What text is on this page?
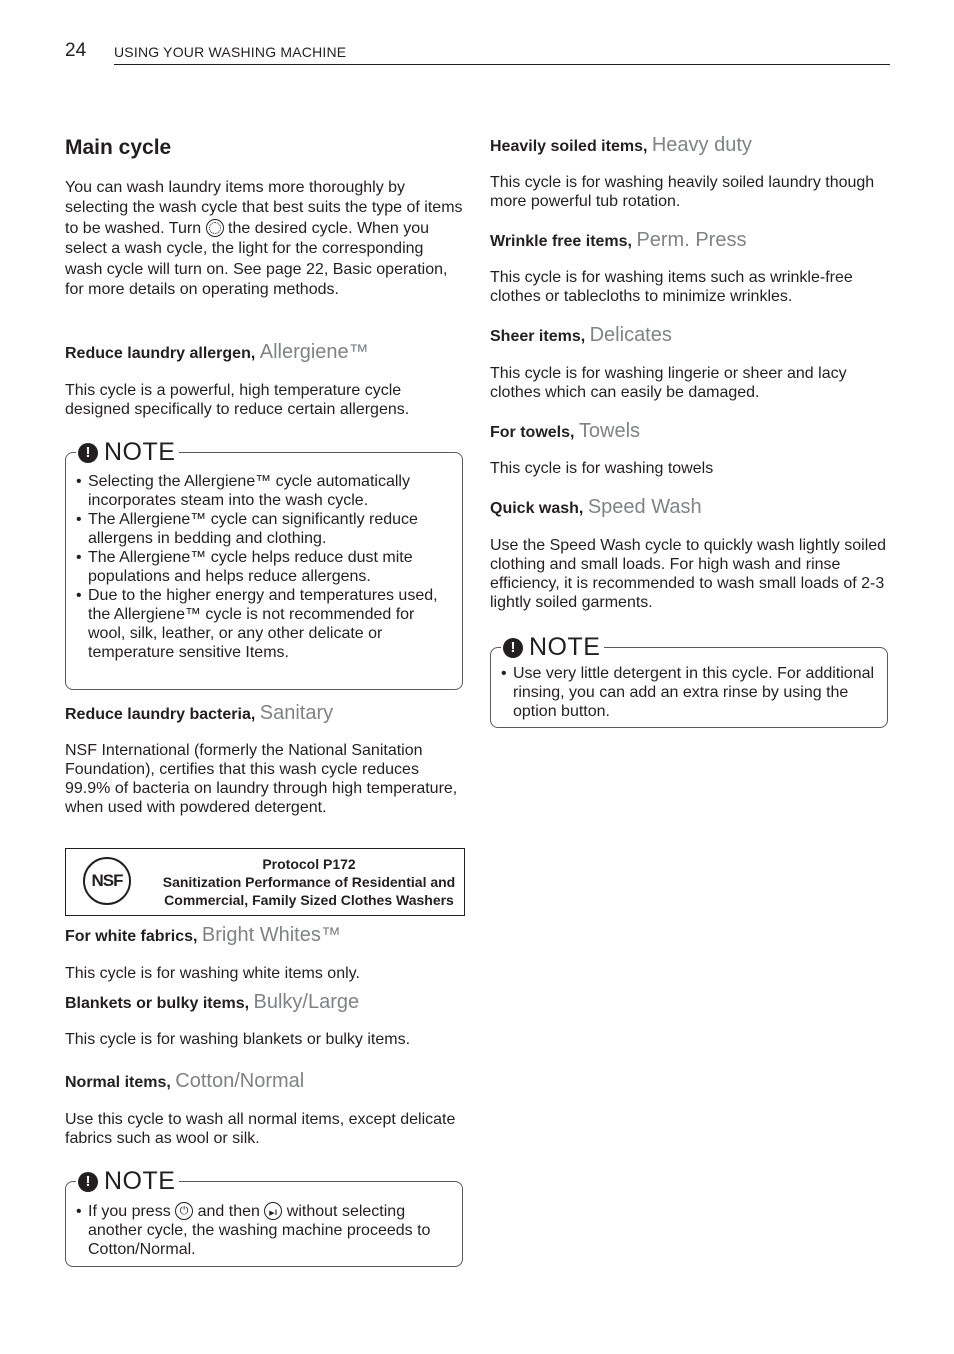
24 USING YOUR WASHING MACHINE
Main cycle
You can wash laundry items more thoroughly by selecting the wash cycle that best suits the type of items to be washed. Turn the desired cycle. When you select a wash cycle, the light for the corresponding wash cycle will turn on. See page 22, Basic operation, for more details on operating methods.
Reduce laundry allergen, Allergiene™
This cycle is a powerful, high temperature cycle designed specifically to reduce certain allergens.
! NOTE
• Selecting the Allergiene™ cycle automatically incorporates steam into the wash cycle.
• The Allergiene™ cycle can significantly reduce allergens in bedding and clothing.
• The Allergiene™ cycle helps reduce dust mite populations and helps reduce allergens.
• Due to the higher energy and temperatures used, the Allergiene™ cycle is not recommended for wool, silk, leather, or any other delicate or temperature sensitive Items.
Reduce laundry bacteria, Sanitary
NSF International (formerly the National Sanitation Foundation), certifies that this wash cycle reduces 99.9% of bacteria on laundry through high temperature, when used with powdered detergent.
NSF
Protocol P172
Sanitization Performance of Residential and
Commercial, Family Sized Clothes Washers
For white fabrics, Bright Whites™
This cycle is for washing white items only.
Blankets or bulky items, Bulky/Large
This cycle is for washing blankets or bulky items.
Normal items, Cotton/Normal
Use this cycle to wash all normal items, except delicate fabrics such as wool or silk.
! NOTE
• If you press ⏻ and then ▶‖ without selecting another cycle, the washing machine proceeds to Cotton/Normal.
Heavily soiled items, Heavy duty
This cycle is for washing heavily soiled laundry though more powerful tub rotation.
Wrinkle free items, Perm. Press
This cycle is for washing items such as wrinkle-free clothes or tablecloths to minimize wrinkles.
Sheer items, Delicates
This cycle is for washing lingerie or sheer and lacy clothes which can easily be damaged.
For towels, Towels
This cycle is for washing towels
Quick wash, Speed Wash
Use the Speed Wash cycle to quickly wash lightly soiled clothing and small loads. For high wash and rinse efficiency, it is recommended to wash small loads of 2-3 lightly soiled garments.
! NOTE
• Use very little detergent in this cycle. For additional rinsing, you can add an extra rinse by using the option button.
